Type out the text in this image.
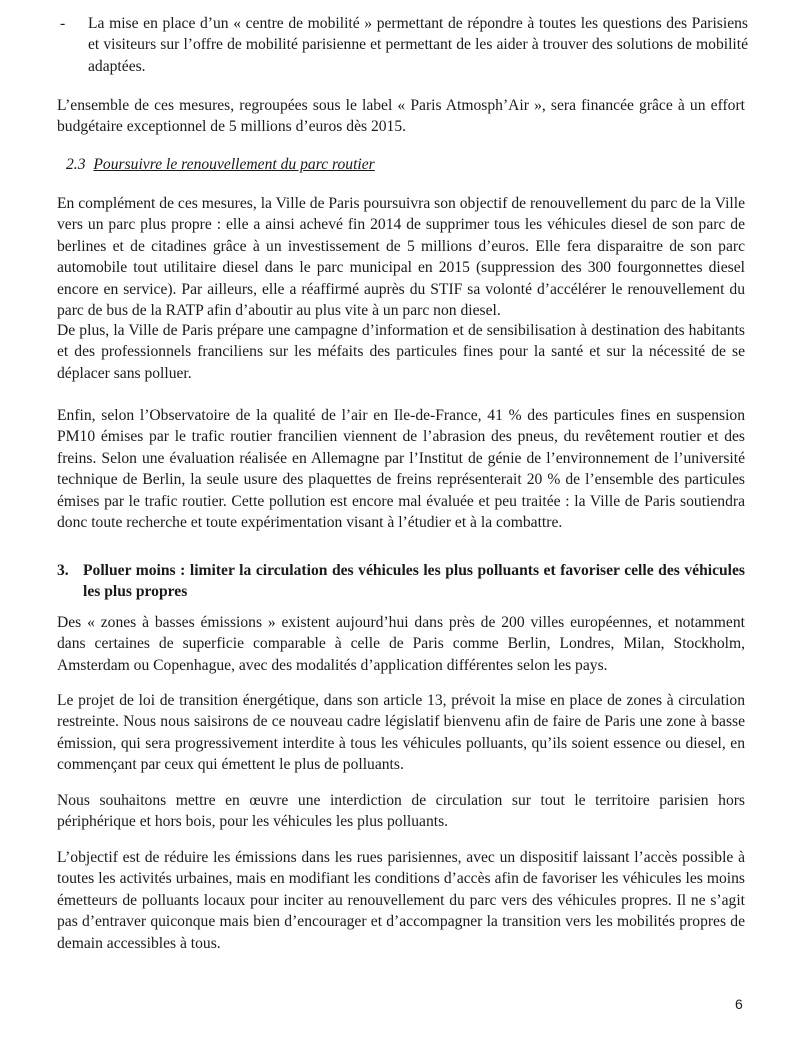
- La mise en place d’un « centre de mobilité » permettant de répondre à toutes les questions des Parisiens et visiteurs sur l’offre de mobilité parisienne et permettant de les aider à trouver des solutions de mobilité adaptées.

L’ensemble de ces mesures, regroupées sous le label « Paris Atmosph’Air », sera financée grâce à un effort budgétaire exceptionnel de 5 millions d’euros dès 2015.

2.3 Poursuivre le renouvellement du parc routier

En complément de ces mesures, la Ville de Paris poursuivra son objectif de renouvellement du parc de la Ville vers un parc plus propre : elle a ainsi achevé fin 2014 de supprimer tous les véhicules diesel de son parc de berlines et de citadines grâce à un investissement de 5 millions d’euros. Elle fera disparaitre de son parc automobile tout utilitaire diesel dans le parc municipal en 2015 (suppression des 300 fourgonnettes diesel encore en service). Par ailleurs, elle a réaffirmé auprès du STIF sa volonté d’accélérer le renouvellement du parc de bus de la RATP afin d’aboutir au plus vite à un parc non diesel.

De plus, la Ville de Paris prépare une campagne d’information et de sensibilisation à destination des habitants et des professionnels franciliens sur les méfaits des particules fines pour la santé et sur la nécessité de se déplacer sans polluer.

Enfin, selon l’Observatoire de la qualité de l’air en Ile-de-France, 41 % des particules fines en suspension PM10 émises par le trafic routier francilien viennent de l’abrasion des pneus, du revêtement routier et des freins. Selon une évaluation réalisée en Allemagne par l’Institut de génie de l’environnement de l’université technique de Berlin, la seule usure des plaquettes de freins représenterait 20 % de l’ensemble des particules émises par le trafic routier. Cette pollution est encore mal évaluée et peu traitée : la Ville de Paris soutiendra donc toute recherche et toute expérimentation visant à l’étudier et à la combattre.

3. Polluer moins : limiter la circulation des véhicules les plus polluants et favoriser celle des véhicules les plus propres

Des « zones à basses émissions » existent aujourd’hui dans près de 200 villes européennes, et notamment dans certaines de superficie comparable à celle de Paris comme Berlin, Londres, Milan, Stockholm, Amsterdam ou Copenhague, avec des modalités d’application différentes selon les pays.

Le projet de loi de transition énergétique, dans son article 13, prévoit la mise en place de zones à circulation restreinte. Nous nous saisirons de ce nouveau cadre législatif bienvenu afin de faire de Paris une zone à basse émission, qui sera progressivement interdite à tous les véhicules polluants, qu’ils soient essence ou diesel, en commençant par ceux qui émettent le plus de polluants.

Nous souhaitons mettre en œuvre une interdiction de circulation sur tout le territoire parisien hors périphérique et hors bois, pour les véhicules les plus polluants.

L’objectif est de réduire les émissions dans les rues parisiennes, avec un dispositif laissant l’accès possible à toutes les activités urbaines, mais en modifiant les conditions d’accès afin de favoriser les véhicules les moins émetteurs de polluants locaux pour inciter au renouvellement du parc vers des véhicules propres. Il ne s’agit pas d’entraver quiconque mais bien d’encourager et d’accompagner la transition vers les mobilités propres de demain accessibles à tous.

6
